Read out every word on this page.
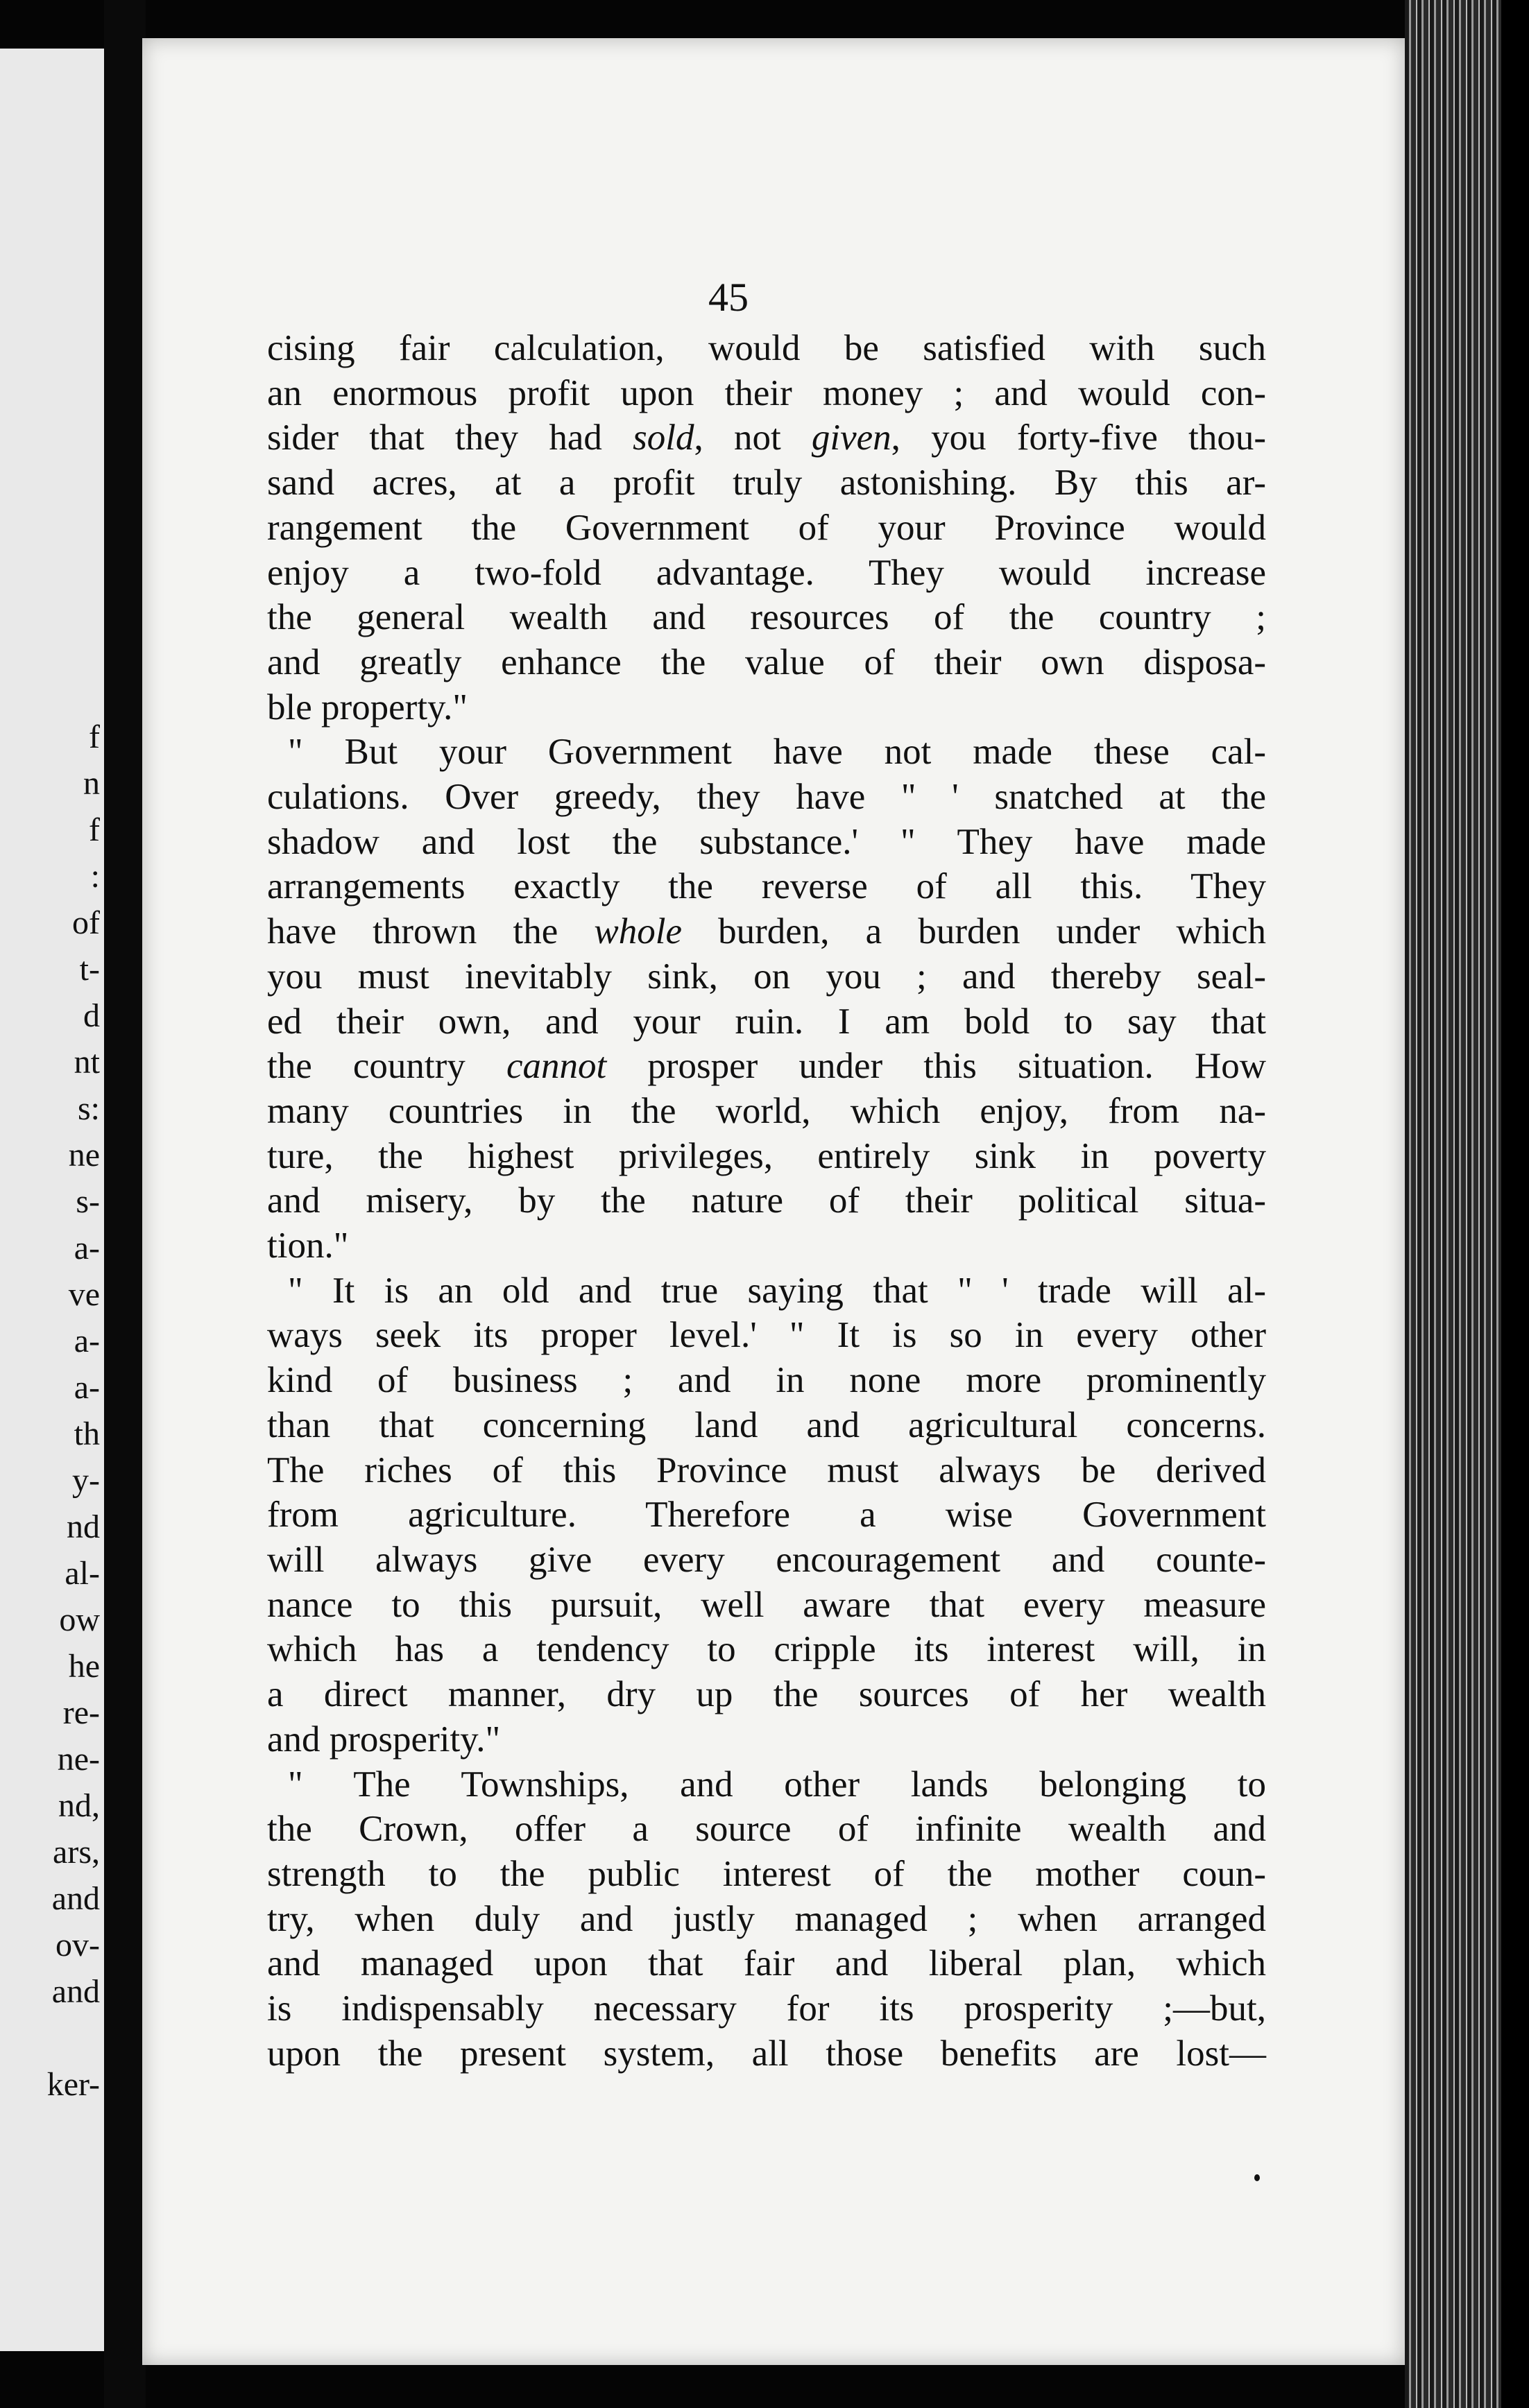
f
n
f
:
of
t-
d
nt
s:
ne
s-
a-
ve
a-
a-
th
y-
nd
al-
ow
he
re-
ne-
nd,
ars,
and
ov-
and
ker-
45
cising fair calculation, would be satisfied with such
an enormous profit upon their money ; and would con-
sider that they had sold, not given, you forty-five thou-
sand acres, at a profit truly astonishing. By this ar-
rangement the Government of your Province would
enjoy a two-fold advantage. They would increase
the general wealth and resources of the country ;
and greatly enhance the value of their own disposa-
ble property."
" But your Government have not made these cal-
culations. Over greedy, they have " ' snatched at the
shadow and lost the substance.' " They have made
arrangements exactly the reverse of all this. They
have thrown the whole burden, a burden under which
you must inevitably sink, on you ; and thereby seal-
ed their own, and your ruin. I am bold to say that
the country cannot prosper under this situation. How
many countries in the world, which enjoy, from na-
ture, the highest privileges, entirely sink in poverty
and misery, by the nature of their political situa-
tion."
" It is an old and true saying that " ' trade will al-
ways seek its proper level.' " It is so in every other
kind of business ; and in none more prominently
than that concerning land and agricultural concerns.
The riches of this Province must always be derived
from agriculture. Therefore a wise Government
will always give every encouragement and counte-
nance to this pursuit, well aware that every measure
which has a tendency to cripple its interest will, in
a direct manner, dry up the sources of her wealth
and prosperity."
" The Townships, and other lands belonging to
the Crown, offer a source of infinite wealth and
strength to the public interest of the mother coun-
try, when duly and justly managed ; when arranged
and managed upon that fair and liberal plan, which
is indispensably necessary for its prosperity ;—but,
upon the present system, all those benefits are lost—
